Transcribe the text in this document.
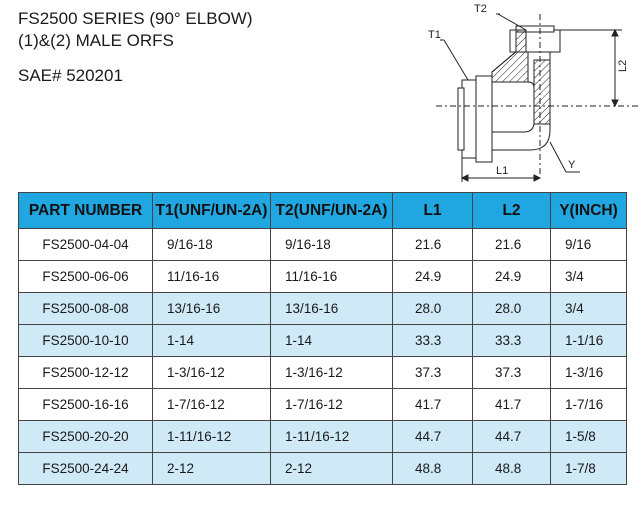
FS2500 SERIES (90° ELBOW)
(1)&(2) MALE ORFS
SAE# 520201
T1
T2
L2
L1	Y
PART NUMBER	T1(UNF/UN-2A)	T2(UNF/UN-2A)	L1	L2	Y(INCH)
FS2500-04-04	9/16-18	9/16-18	21.6	21.6	9/16
FS2500-06-06	11/16-16	11/16-16	24.9	24.9	3/4
FS2500-08-08	13/16-16	13/16-16	28.0	28.0	3/4
FS2500-10-10	1-14	1-14	33.3	33.3	1-1/16
FS2500-12-12	1-3/16-12	1-3/16-12	37.3	37.3	1-3/16
FS2500-16-16	1-7/16-12	1-7/16-12	41.7	41.7	1-7/16
FS2500-20-20	1-11/16-12	1-11/16-12	44.7	44.7	1-5/8
FS2500-24-24	2-12	2-12	48.8	48.8	1-7/8
